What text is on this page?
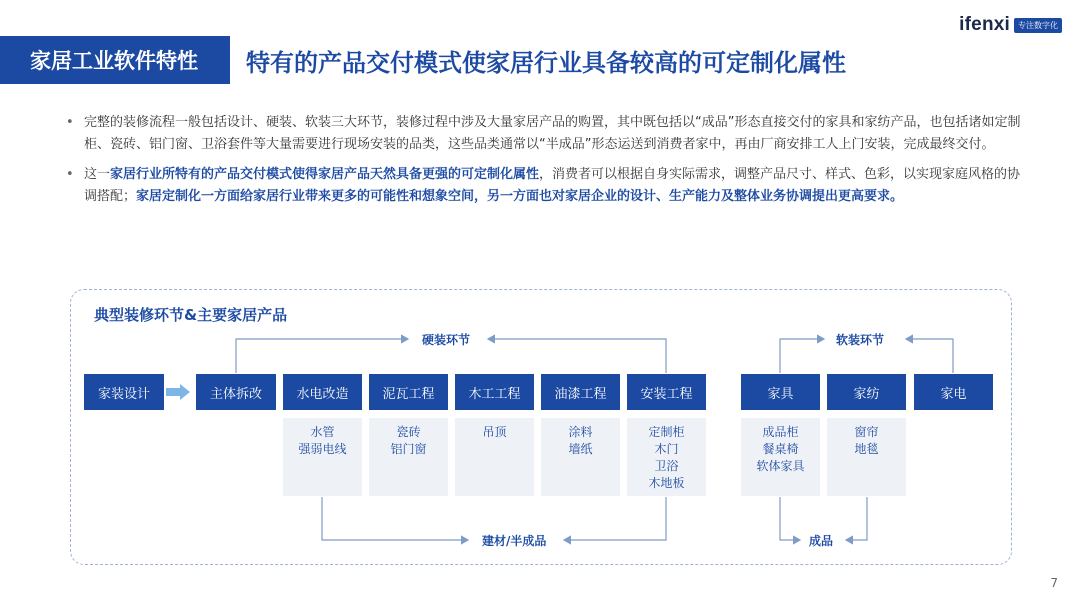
ifenxi	专注数字化
家居工业软件特性	特有的产品交付模式使家居行业具备较高的可定制化属性
• 完整的装修流程一般包括设计、硬装、软装三大环节，装修过程中涉及大量家居产品的购置，其中既包括以“成品”形态直接交付的家具和家纺产品，也包括诸如定制柜、瓷砖、铝门窗、卫浴套件等大量需要进行现场安装的品类，这些品类通常以“半成品”形态运送到消费者家中，再由厂商安排工人上门安装，完成最终交付。
• 这一家居行业所特有的产品交付模式使得家居产品天然具备更强的可定制化属性，消费者可以根据自身实际需求，调整产品尺寸、样式、色彩，以实现家庭风格的协调搭配；家居定制化一方面给家居行业带来更多的可能性和想象空间，另一方面也对家居企业的设计、生产能力及整体业务协调提出更高要求。
典型装修环节&主要家居产品
硬装环节	软装环节
建材/半成品	成品
家装设计	主体拆改	水电改造	泥瓦工程	木工工程	油漆工程	安装工程	家具	家纺	家电
水管
强弱电线
瓷砖
铝门窗
吊顶	涂料
墙纸
定制柜
木门
卫浴
木地板
成品柜
餐桌椅
软体家具
窗帘
地毯
7
